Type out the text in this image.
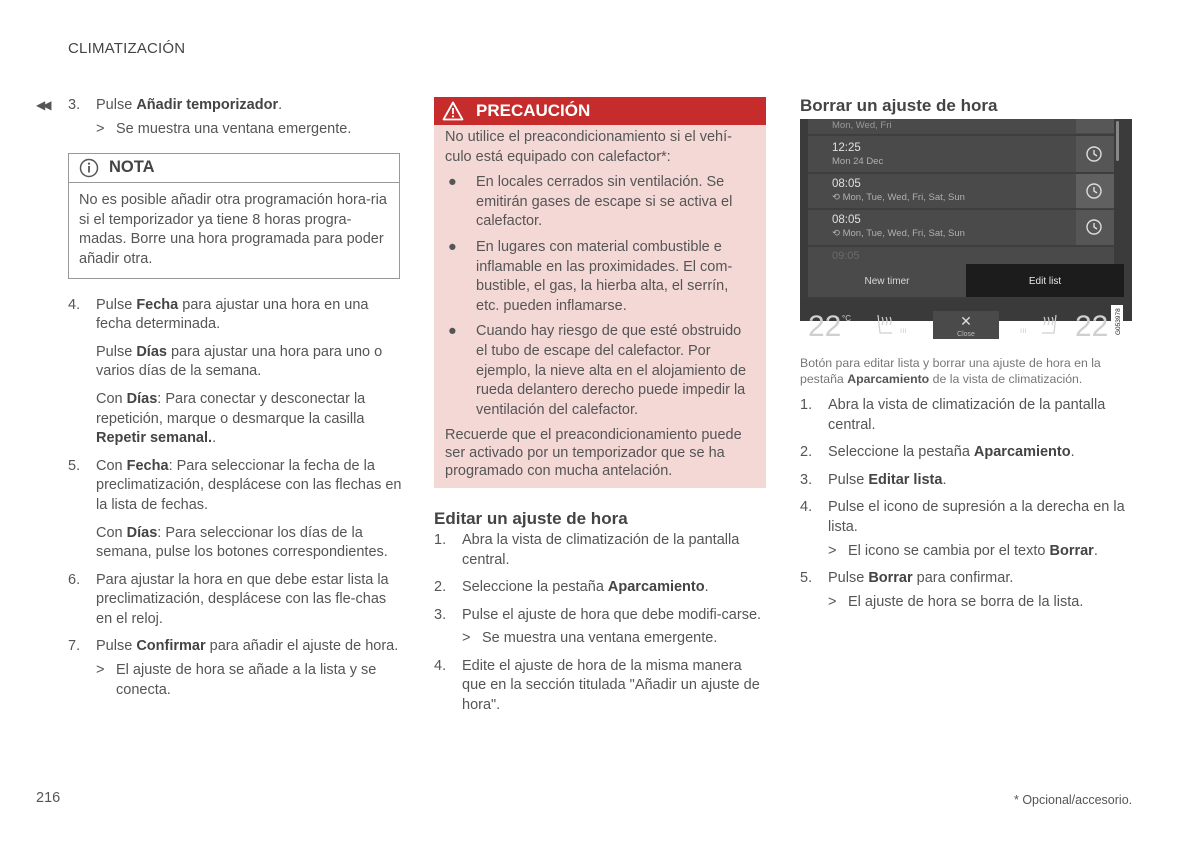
CLIMATIZACIÓN
◀◀ 3. Pulse Añadir temporizador.
> Se muestra una ventana emergente.
NOTA
No es posible añadir otra programación hora-ria si el temporizador ya tiene 8 horas progra-madas. Borre una hora programada para poder añadir otra.
4.	Pulse Fecha para ajustar una hora en una fecha determinada.
Pulse Días para ajustar una hora para uno o varios días de la semana.
Con Días: Para conectar y desconectar la repetición, marque o desmarque la casilla Repetir semanal..
5.	Con Fecha: Para seleccionar la fecha de la preclimatización, desplácese con las flechas en la lista de fechas.
Con Días: Para seleccionar los días de la semana, pulse los botones correspondientes.
6.	Para ajustar la hora en que debe estar lista la preclimatización, desplácese con las fle-chas en el reloj.
7.	Pulse Confirmar para añadir el ajuste de hora.
> El ajuste de hora se añade a la lista y se conecta.
216
PRECAUCIÓN
No utilice el preacondicionamiento si el vehí-culo está equipado con calefactor*:
●	En locales cerrados sin ventilación. Se emitirán gases de escape si se activa el calefactor.
●	En lugares con material combustible e inflamable en las proximidades. El com-bustible, el gas, la hierba alta, el serrín, etc. pueden inflamarse.
●	Cuando hay riesgo de que esté obstruido el tubo de escape del calefactor. Por ejemplo, la nieve alta en el alojamiento de rueda delantero derecho puede impedir la ventilación del calefactor.
Recuerde que el preacondicionamiento puede ser activado por un temporizador que se ha programado con mucha antelación.
Editar un ajuste de hora
1.	Abra la vista de climatización de la pantalla central.
2.	Seleccione la pestaña Aparcamiento.
3.	Pulse el ajuste de hora que debe modifi-carse.
> Se muestra una ventana emergente.
4.	Edite el ajuste de hora de la misma manera que en la sección titulada "Añadir un ajuste de hora".
Borrar un ajuste de hora
Mon, Wed, Fri
12:25
Mon 24 Dec
08:05
⟲ Mon, Tue, Wed, Fri, Sat, Sun
08:05
⟲ Mon, Tue, Wed, Fri, Sat, Sun
09:05
New timer	Edit list
22 °C
ııı
✕
Close	ııı 22 G053978
Botón para editar lista y borrar una ajuste de hora en la pestaña Aparcamiento de la vista de climatización.
1.	Abra la vista de climatización de la pantalla central.
2.	Seleccione la pestaña Aparcamiento.
3.	Pulse Editar lista.
4.	Pulse el icono de supresión a la derecha en la lista.
> El icono se cambia por el texto Borrar.
5.	Pulse Borrar para confirmar.
> El ajuste de hora se borra de la lista.
* Opcional/accesorio.
